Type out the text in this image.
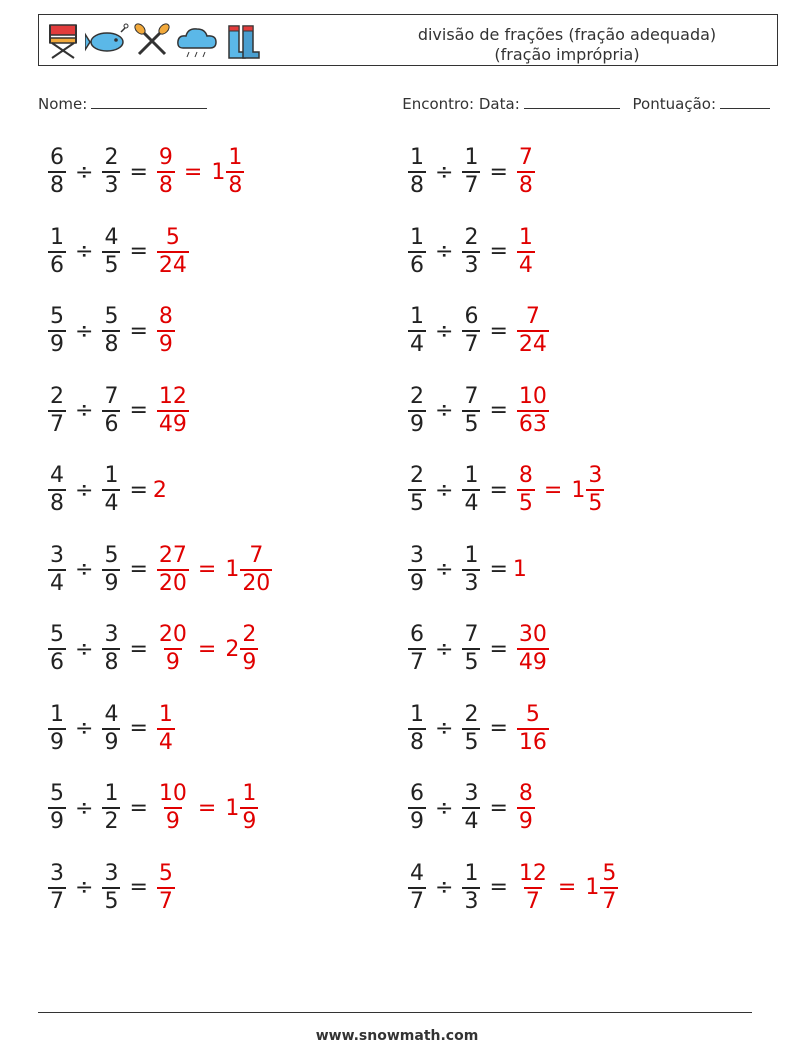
divisão de frações (fração adequada)
(fração imprópria)
Nome:	Encontro: Data:	Pontuação:
$\frac{6}{8} \div \frac{2}{3} = \frac{9}{8} = 1 \frac{1}{8}$
$\frac{1}{6} \div \frac{4}{5} = \frac{5}{24}$
$\frac{5}{9} \div \frac{5}{8} = \frac{8}{9}$
$\frac{2}{7} \div \frac{7}{6} = \frac{12}{49}$
$\frac{4}{8} \div \frac{1}{4} = 2$
$\frac{3}{4} \div \frac{5}{9} = \frac{27}{20} = 1 \frac{7}{20}$
$\frac{5}{6} \div \frac{3}{8} = \frac{20}{9} = 2 \frac{2}{9}$
$\frac{1}{9} \div \frac{4}{9} = \frac{1}{4}$
$\frac{5}{9} \div \frac{1}{2} = \frac{10}{9} = 1 \frac{1}{9}$
$\frac{3}{7} \div \frac{3}{5} = \frac{5}{7}$
$\frac{1}{8} \div \frac{1}{7} = \frac{7}{8}$
$\frac{1}{6} \div \frac{2}{3} = \frac{1}{4}$
$\frac{1}{4} \div \frac{6}{7} = \frac{7}{24}$
$\frac{2}{9} \div \frac{7}{5} = \frac{10}{63}$
$\frac{2}{5} \div \frac{1}{4} = \frac{8}{5} = 1 \frac{3}{5}$
$\frac{3}{9} \div \frac{1}{3} = 1$
$\frac{6}{7} \div \frac{7}{5} = \frac{30}{49}$
$\frac{1}{8} \div \frac{2}{5} = \frac{5}{16}$
$\frac{6}{9} \div \frac{3}{4} = \frac{8}{9}$
$\frac{4}{7} \div \frac{1}{3} = \frac{12}{7} = 1 \frac{5}{7}$
www.snowmath.com
